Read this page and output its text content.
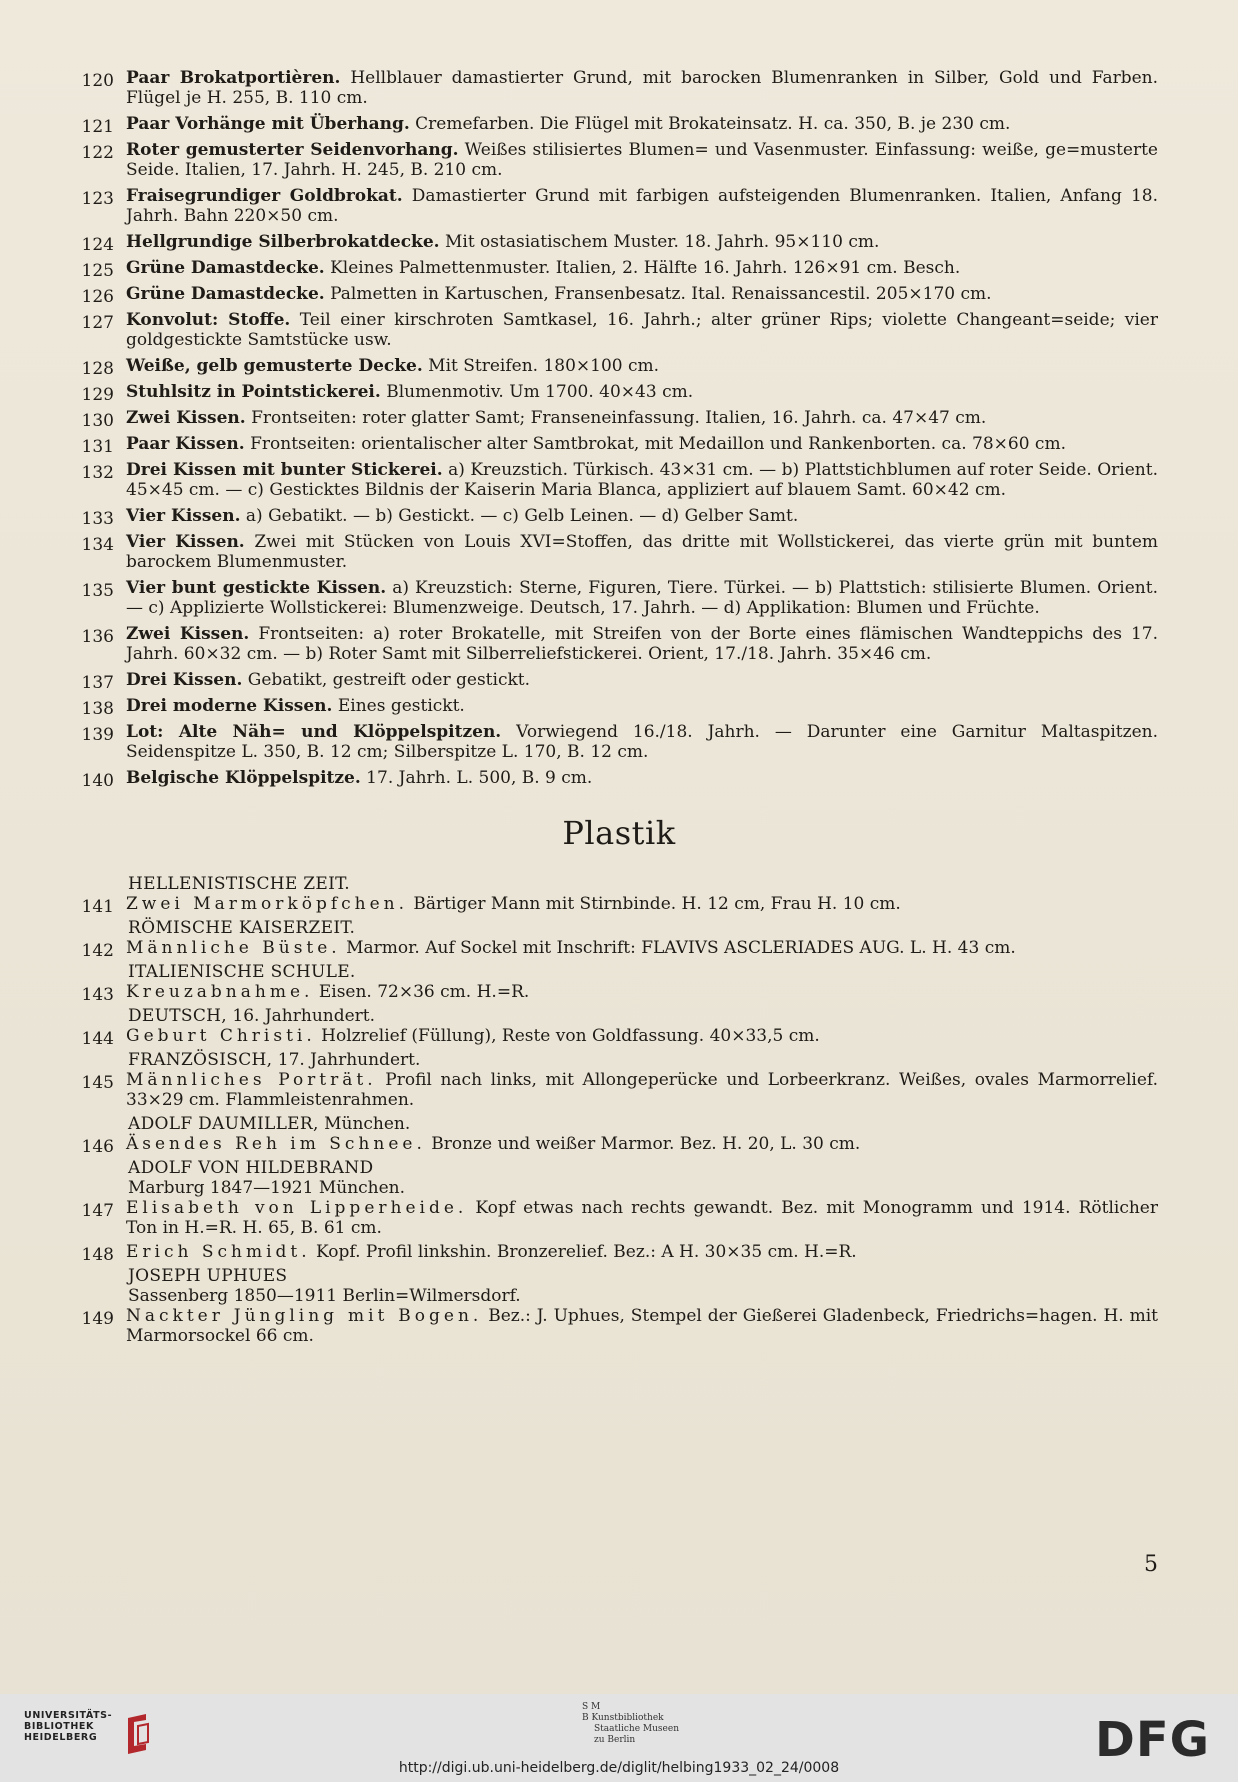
120 Paar Brokatportièren. Hellblauer damastierter Grund, mit barocken Blumenranken in Silber, Gold und Farben. Flügel je H. 255, B. 110 cm.
121 Paar Vorhänge mit Überhang. Cremefarben. Die Flügel mit Brokateinsatz. H. ca. 350, B. je 230 cm.
122 Roter gemusterter Seidenvorhang. Weißes stilisiertes Blumen= und Vasenmuster. Einfassung: weiße, ge=musterte Seide. Italien, 17. Jahrh. H. 245, B. 210 cm.
123 Fraisegrundiger Goldbrokat. Damastierter Grund mit farbigen aufsteigenden Blumenranken. Italien, Anfang 18. Jahrh. Bahn 220×50 cm.
124 Hellgrundige Silberbrokatdecke. Mit ostasiatischem Muster. 18. Jahrh. 95×110 cm.
125 Grüne Damastdecke. Kleines Palmettenmuster. Italien, 2. Hälfte 16. Jahrh. 126×91 cm. Besch.
126 Grüne Damastdecke. Palmetten in Kartuschen, Fransenbesatz. Ital. Renaissancestil. 205×170 cm.
127 Konvolut: Stoffe. Teil einer kirschroten Samtkasel, 16. Jahrh.; alter grüner Rips; violette Changeant=seide; vier goldgestickte Samtstücke usw.
128 Weiße, gelb gemusterte Decke. Mit Streifen. 180×100 cm.
129 Stuhlsitz in Pointstickerei. Blumenmotiv. Um 1700. 40×43 cm.
130 Zwei Kissen. Frontseiten: roter glatter Samt; Franseneinfassung. Italien, 16. Jahrh. ca. 47×47 cm.
131 Paar Kissen. Frontseiten: orientalischer alter Samtbrokat, mit Medaillon und Rankenborten. ca. 78×60 cm.
132 Drei Kissen mit bunter Stickerei. a) Kreuzstich. Türkisch. 43×31 cm. — b) Plattstichblumen auf roter Seide. Orient. 45×45 cm. — c) Gesticktes Bildnis der Kaiserin Maria Blanca, appliziert auf blauem Samt. 60×42 cm.
133 Vier Kissen. a) Gebatikt. — b) Gestickt. — c) Gelb Leinen. — d) Gelber Samt.
134 Vier Kissen. Zwei mit Stücken von Louis XVI=Stoffen, das dritte mit Wollstickerei, das vierte grün mit buntem barockem Blumenmuster.
135 Vier bunt gestickte Kissen. a) Kreuzstich: Sterne, Figuren, Tiere. Türkei. — b) Plattstich: stilisierte Blumen. Orient. — c) Applizierte Wollstickerei: Blumenzweige. Deutsch, 17. Jahrh. — d) Applikation: Blumen und Früchte.
136 Zwei Kissen. Frontseiten: a) roter Brokatelle, mit Streifen von der Borte eines flämischen Wandteppichs des 17. Jahrh. 60×32 cm. — b) Roter Samt mit Silberreliefstickerei. Orient, 17./18. Jahrh. 35×46 cm.
137 Drei Kissen. Gebatikt, gestreift oder gestickt.
138 Drei moderne Kissen. Eines gestickt.
139 Lot: Alte Näh= und Klöppelspitzen. Vorwiegend 16./18. Jahrh. — Darunter eine Garnitur Maltaspitzen. Seidenspitze L. 350, B. 12 cm; Silberspitze L. 170, B. 12 cm.
140 Belgische Klöppelspitze. 17. Jahrh. L. 500, B. 9 cm.
Plastik
HELLENISTISCHE ZEIT.
141 Zwei Marmorköpfchen. Bärtiger Mann mit Stirnbinde. H. 12 cm, Frau H. 10 cm.
RÖMISCHE KAISERZEIT.
142 Männliche Büste. Marmor. Auf Sockel mit Inschrift: FLAVIVS ASCLERIADES AUG. L. H. 43 cm.
ITALIENISCHE SCHULE.
143 Kreuzabnahme. Eisen. 72×36 cm. H.=R.
DEUTSCH, 16. Jahrhundert.
144 Geburt Christi. Holzrelief (Füllung), Reste von Goldfassung. 40×33,5 cm.
FRANZÖSISCH, 17. Jahrhundert.
145 Männliches Porträt. Profil nach links, mit Allongeperücke und Lorbeerkranz. Weißes, ovales Marmorrelief. 33×29 cm. Flammleistenrahmen.
ADOLF DAUMILLER, München.
146 Äsendes Reh im Schnee. Bronze und weißer Marmor. Bez. H. 20, L. 30 cm.
ADOLF VON HILDEBRAND
Marburg 1847—1921 München.
147 Elisabeth von Lipperheide. Kopf etwas nach rechts gewandt. Bez. mit Monogramm und 1914. Rötlicher Ton in H.=R. H. 65, B. 61 cm.
148 Erich Schmidt. Kopf. Profil linkshin. Bronzerelief. Bez.: A H. 30×35 cm. H.=R.
JOSEPH UPHUES
Sassenberg 1850—1911 Berlin=Wilmersdorf.
149 Nackter Jüngling mit Bogen. Bez.: J. Uphues, Stempel der Gießerei Gladenbeck, Friedrichs=hagen. H. mit Marmorsockel 66 cm.
5
UNIVERSITÄTS-
BIBLIOTHEK
HEIDELBERG
S M
B Kunstbibliothek
Staatliche Museen
zu Berlin	DFG
http://digi.ub.uni-heidelberg.de/diglit/helbing1933_02_24/0008
